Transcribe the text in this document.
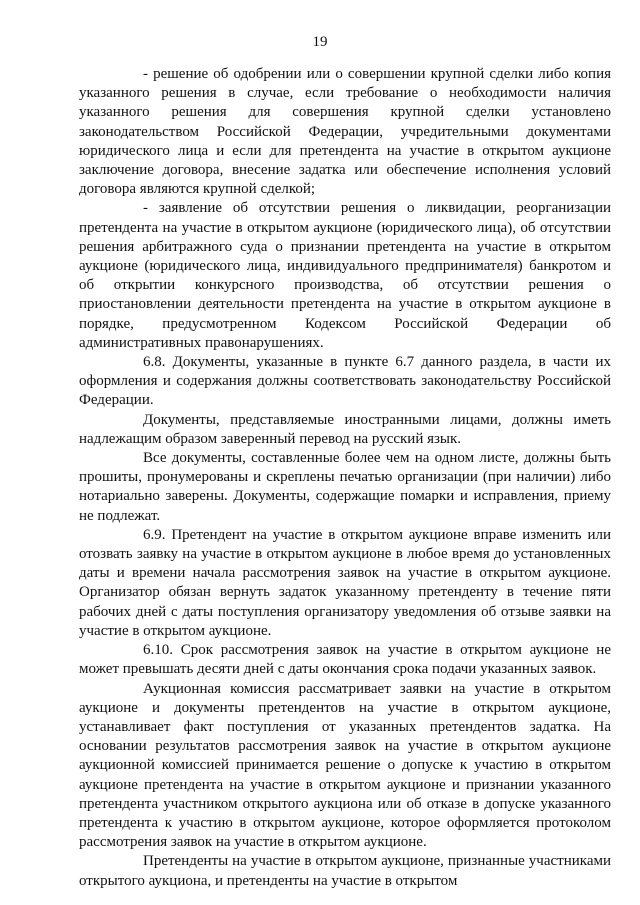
19

- решение об одобрении или о совершении крупной сделки либо копия указанного решения в случае, если требование о необходимости наличия указанного решения для совершения крупной сделки установлено законодательством Российской Федерации, учредительными документами юридического лица и если для претендента на участие в открытом аукционе заключение договора, внесение задатка или обеспечение исполнения условий договора являются крупной сделкой;

- заявление об отсутствии решения о ликвидации, реорганизации претендента на участие в открытом аукционе (юридического лица), об отсутствии решения арбитражного суда о признании претендента на участие в открытом аукционе (юридического лица, индивидуального предпринимателя) банкротом и об открытии конкурсного производства, об отсутствии решения о приостановлении деятельности претендента на участие в открытом аукционе в порядке, предусмотренном Кодексом Российской Федерации об административных правонарушениях.

6.8. Документы, указанные в пункте 6.7 данного раздела, в части их оформления и содержания должны соответствовать законодательству Российской Федерации.

Документы, представляемые иностранными лицами, должны иметь надлежащим образом заверенный перевод на русский язык.

Все документы, составленные более чем на одном листе, должны быть прошиты, пронумерованы и скреплены печатью организации (при наличии) либо нотариально заверены. Документы, содержащие помарки и исправления, приему не подлежат.

6.9. Претендент на участие в открытом аукционе вправе изменить или отозвать заявку на участие в открытом аукционе в любое время до установленных даты и времени начала рассмотрения заявок на участие в открытом аукционе. Организатор обязан вернуть задаток указанному претенденту в течение пяти рабочих дней с даты поступления организатору уведомления об отзыве заявки на участие в открытом аукционе.

6.10. Срок рассмотрения заявок на участие в открытом аукционе не может превышать десяти дней с даты окончания срока подачи указанных заявок.

Аукционная комиссия рассматривает заявки на участие в открытом аукционе и документы претендентов на участие в открытом аукционе, устанавливает факт поступления от указанных претендентов задатка. На основании результатов рассмотрения заявок на участие в открытом аукционе аукционной комиссией принимается решение о допуске к участию в открытом аукционе претендента на участие в открытом аукционе и признании указанного претендента участником открытого аукциона или об отказе в допуске указанного претендента к участию в открытом аукционе, которое оформляется протоколом рассмотрения заявок на участие в открытом аукционе.

Претенденты на участие в открытом аукционе, признанные участниками открытого аукциона, и претенденты на участие в открытом
